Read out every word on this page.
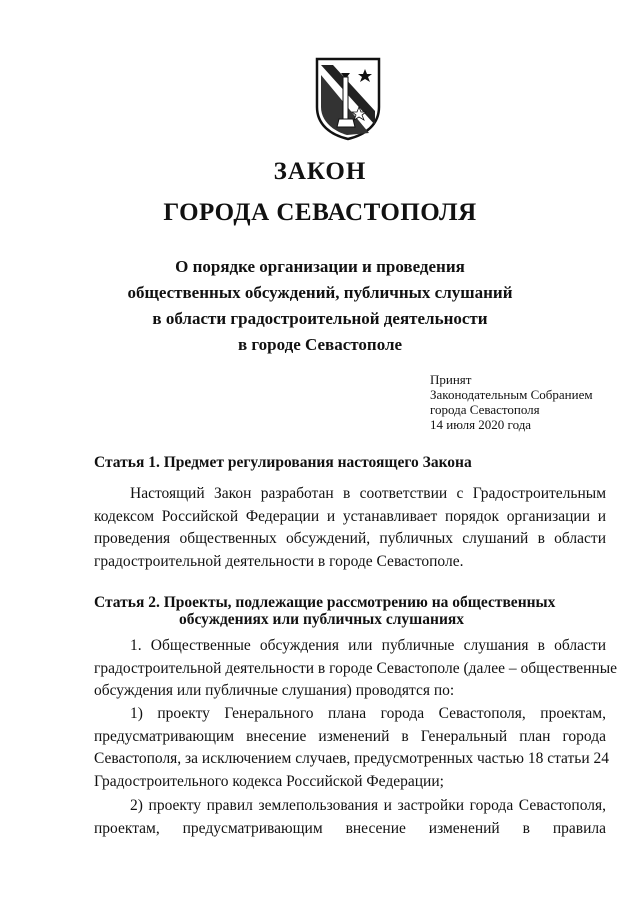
ЗАКОН
ГОРОДА СЕВАСТОПОЛЯ
О порядке организации и проведения
общественных обсуждений, публичных слушаний
в области градостроительной деятельности
в городе Севастополе
Принят
Законодательным Собранием
города Севастополя
14 июля 2020 года
Статья 1. Предмет регулирования настоящего Закона
Настоящий Закон разработан в соответствии с Градостроительным
кодексом Российской Федерации и устанавливает порядок организации и
проведения общественных обсуждений, публичных слушаний в области
градостроительной деятельности в городе Севастополе.
Статья 2. Проекты, подлежащие рассмотрению на общественных
обсуждениях или публичных слушаниях
1. Общественные обсуждения или публичные слушания в области
градостроительной деятельности в городе Севастополе (далее – общественные
обсуждения или публичные слушания) проводятся по:
1) проекту Генерального плана города Севастополя, проектам,
предусматривающим внесение изменений в Генеральный план города
Севастополя, за исключением случаев, предусмотренных частью 18 статьи 24
Градостроительного кодекса Российской Федерации;
2) проекту правил землепользования и застройки города Севастополя,
проектам, предусматривающим внесение изменений в правила
